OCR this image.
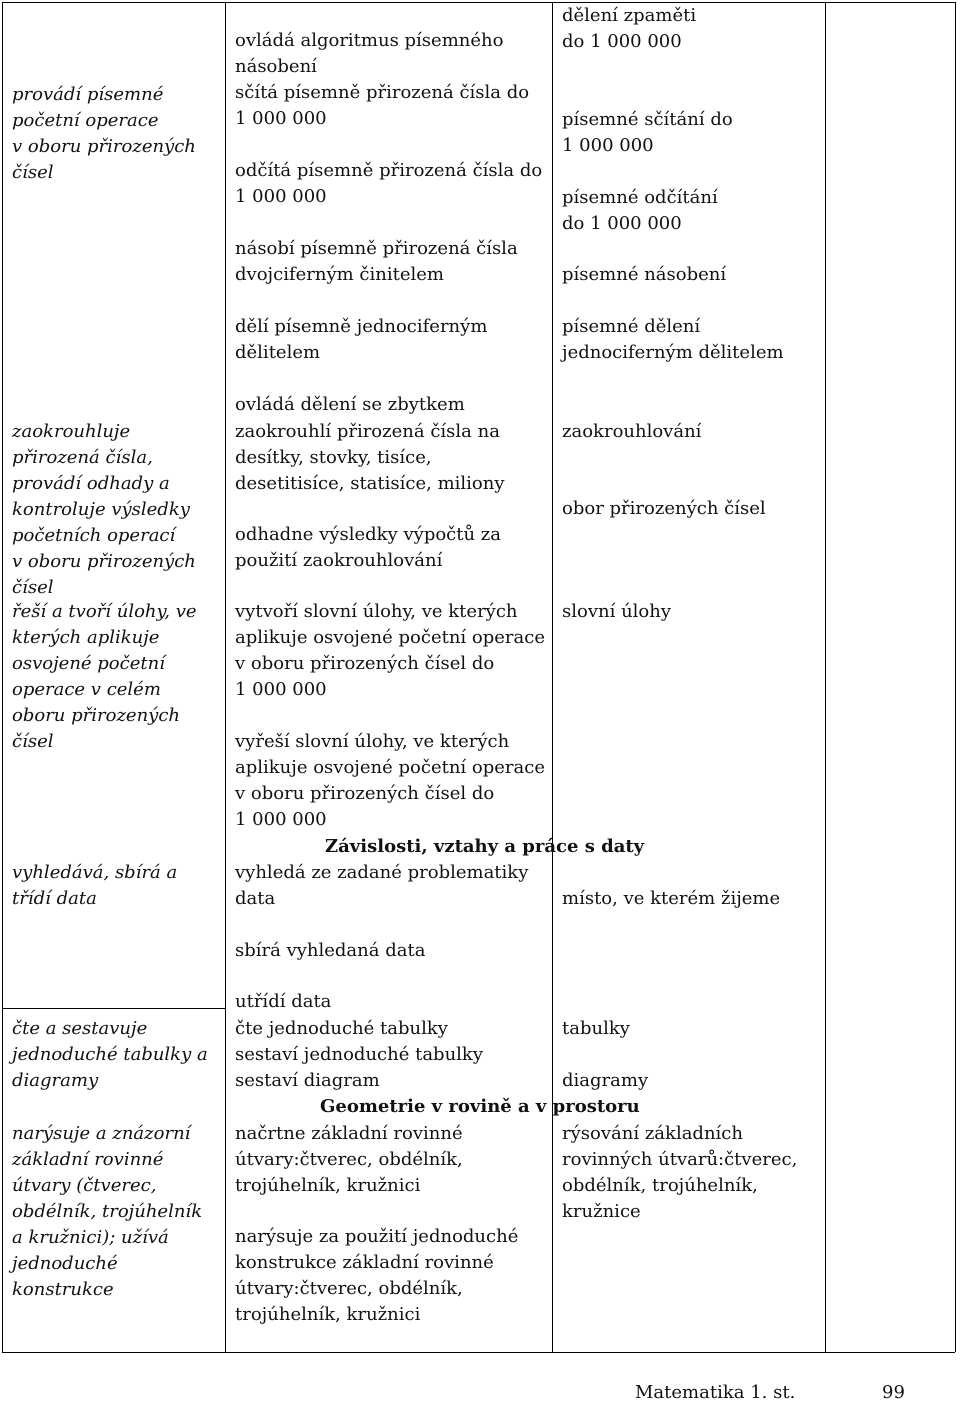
provádí písemné
početní operace
v oboru přirozených
čísel
ovládá algoritmus písemného
násobení
sčítá písemně přirozená čísla do
1 000 000
odčítá písemně přirozená čísla do
1 000 000
násobí písemně přirozená čísla
dvojciferným činitelem
dělí písemně jednociferným
dělitelem
ovládá dělení se zbytkem
dělení zpaměti
do 1 000 000
písemné sčítání do
1 000 000
písemné odčítání
do 1 000 000
písemné násobení
písemné dělení
jednociferným dělitelem
zaokrouhluje
přirozená čísla,
provádí odhady a
kontroluje výsledky
početních operací
v oboru přirozených
čísel
zaokrouhlí přirozená čísla na
desítky, stovky, tisíce,
desetitisíce, statisíce, miliony
odhadne výsledky výpočtů za
použití zaokrouhlování
zaokrouhlování
obor přirozených čísel
řeší a tvoří úlohy, ve
kterých aplikuje
osvojené početní
operace v celém
oboru přirozených
čísel
vytvoří slovní úlohy, ve kterých
aplikuje osvojené početní operace
v oboru přirozených čísel do
1 000 000
vyřeší slovní úlohy, ve kterých
aplikuje osvojené početní operace
v oboru přirozených čísel do
1 000 000
slovní úlohy
Závislosti, vztahy a práce s daty
vyhledává, sbírá a
třídí data
vyhledá ze zadané problematiky
data
sbírá vyhledaná data
utřídí data
místo, ve kterém žijeme
čte a sestavuje
jednoduché tabulky a
diagramy
čte jednoduché tabulky
sestaví jednoduché tabulky
sestaví diagram
tabulky
diagramy
Geometrie v rovině a v prostoru
narýsuje a znázorní
základní rovinné
útvary (čtverec,
obdélník, trojúhelník
a kružnici); užívá
jednoduché
konstrukce
načrtne základní rovinné
útvary:čtverec, obdélník,
trojúhelník, kružnici
narýsuje za použití jednoduché
konstrukce základní rovinné
útvary:čtverec, obdélník,
trojúhelník, kružnici
rýsování základních
rovinných útvarů:čtverec,
obdélník, trojúhelník,
kružnice
Matematika 1. st.	99
